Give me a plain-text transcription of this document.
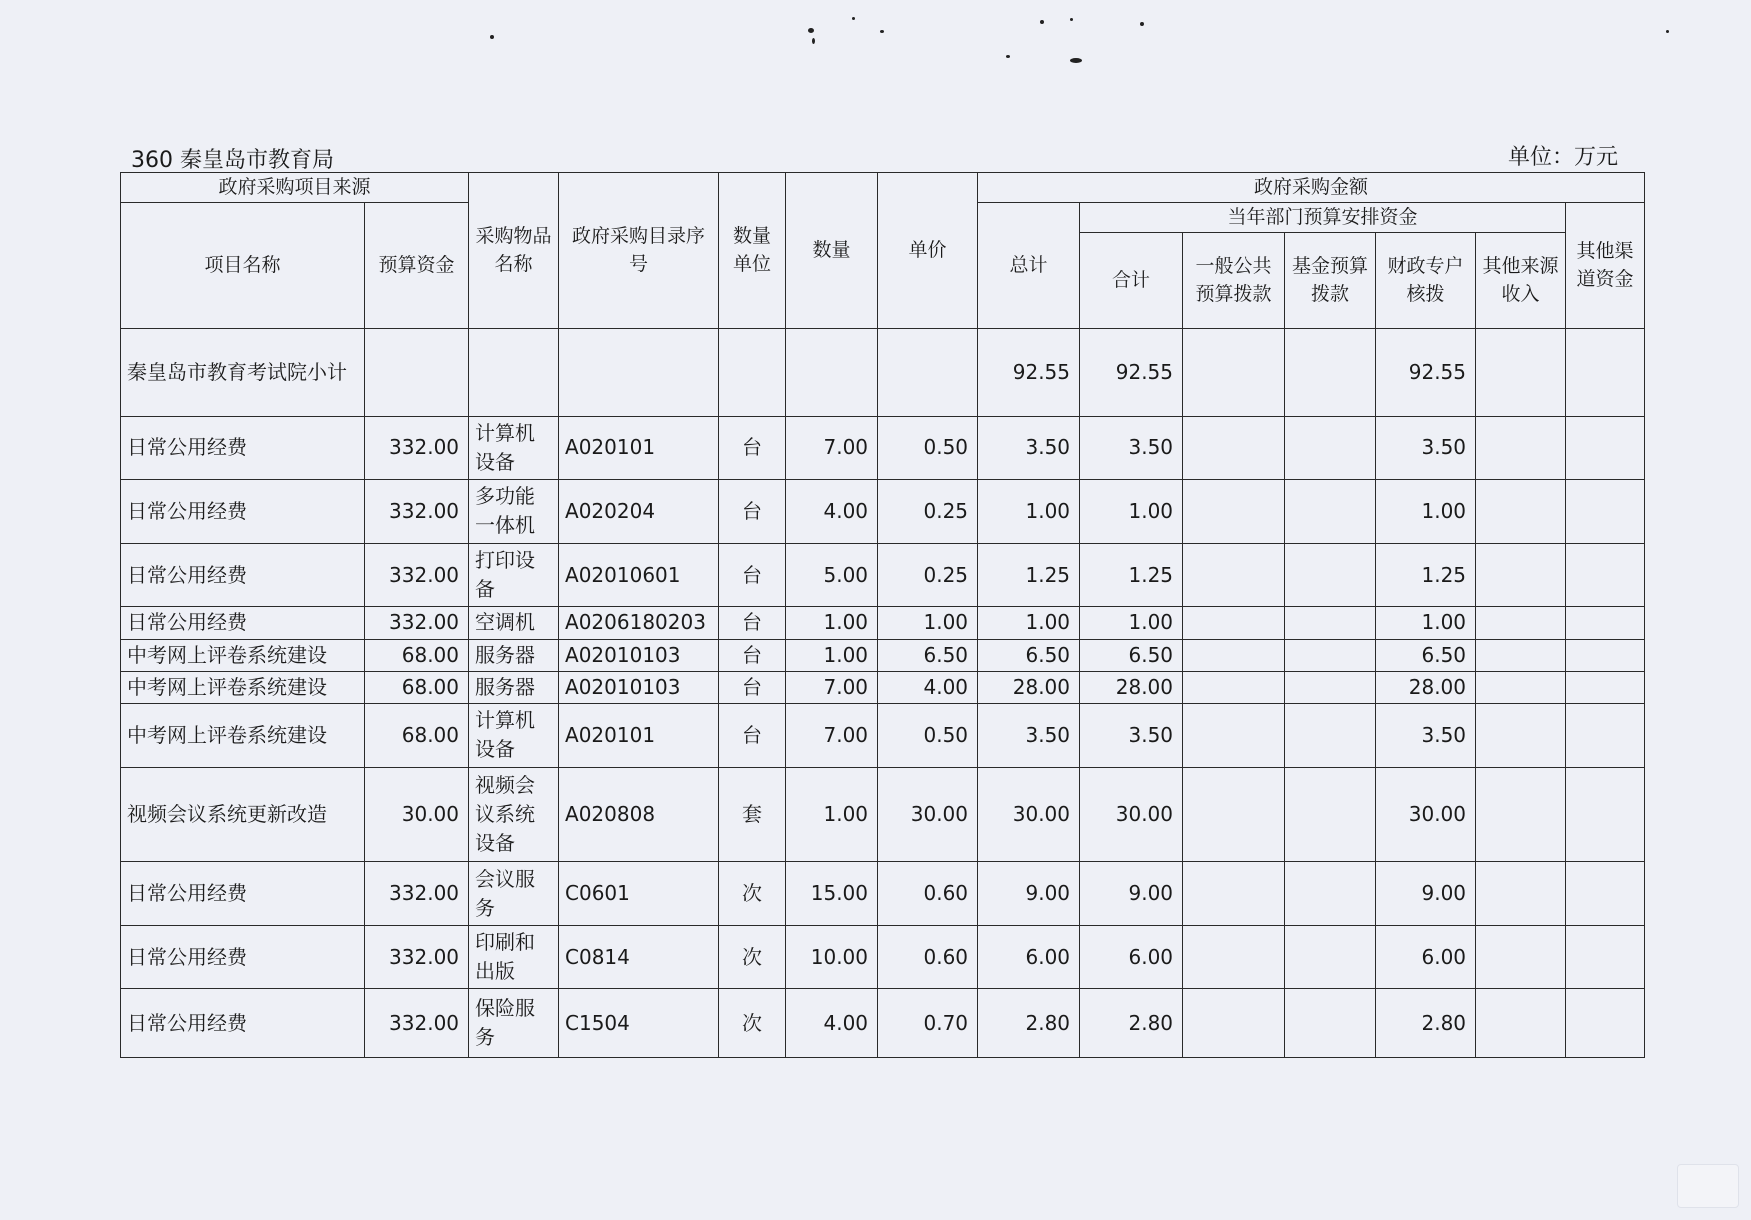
360 秦皇岛市教育局	单位：万元
政府采购项目来源		采购物品名称	政府采购目录序号	数量单位	数量	单价	政府采购金额						
项目名称	预算资金						总计	当年部门预算安排资金					其他渠道资金
								合计	一般公共预算拨款	基金预算拨款	财政专户核拨	其他来源收入	
秦皇岛市教育考试院小计							92.55	92.55			92.55		
日常公用经费	332.00	计算机设备	A020101	台	7.00	0.50	3.50	3.50			3.50		
日常公用经费	332.00	多功能一体机	A020204	台	4.00	0.25	1.00	1.00			1.00		
日常公用经费	332.00	打印设备	A02010601	台	5.00	0.25	1.25	1.25			1.25		
日常公用经费	332.00	空调机	A0206180203	台	1.00	1.00	1.00	1.00			1.00		
中考网上评卷系统建设	68.00	服务器	A02010103	台	1.00	6.50	6.50	6.50			6.50		
中考网上评卷系统建设	68.00	服务器	A02010103	台	7.00	4.00	28.00	28.00			28.00		
中考网上评卷系统建设	68.00	计算机设备	A020101	台	7.00	0.50	3.50	3.50			3.50		
视频会议系统更新改造	30.00	视频会议系统设备	A020808	套	1.00	30.00	30.00	30.00			30.00		
日常公用经费	332.00	会议服务	C0601	次	15.00	0.60	9.00	9.00			9.00		
日常公用经费	332.00	印刷和出版	C0814	次	10.00	0.60	6.00	6.00			6.00		
日常公用经费	332.00	保险服务	C1504	次	4.00	0.70	2.80	2.80			2.80		
